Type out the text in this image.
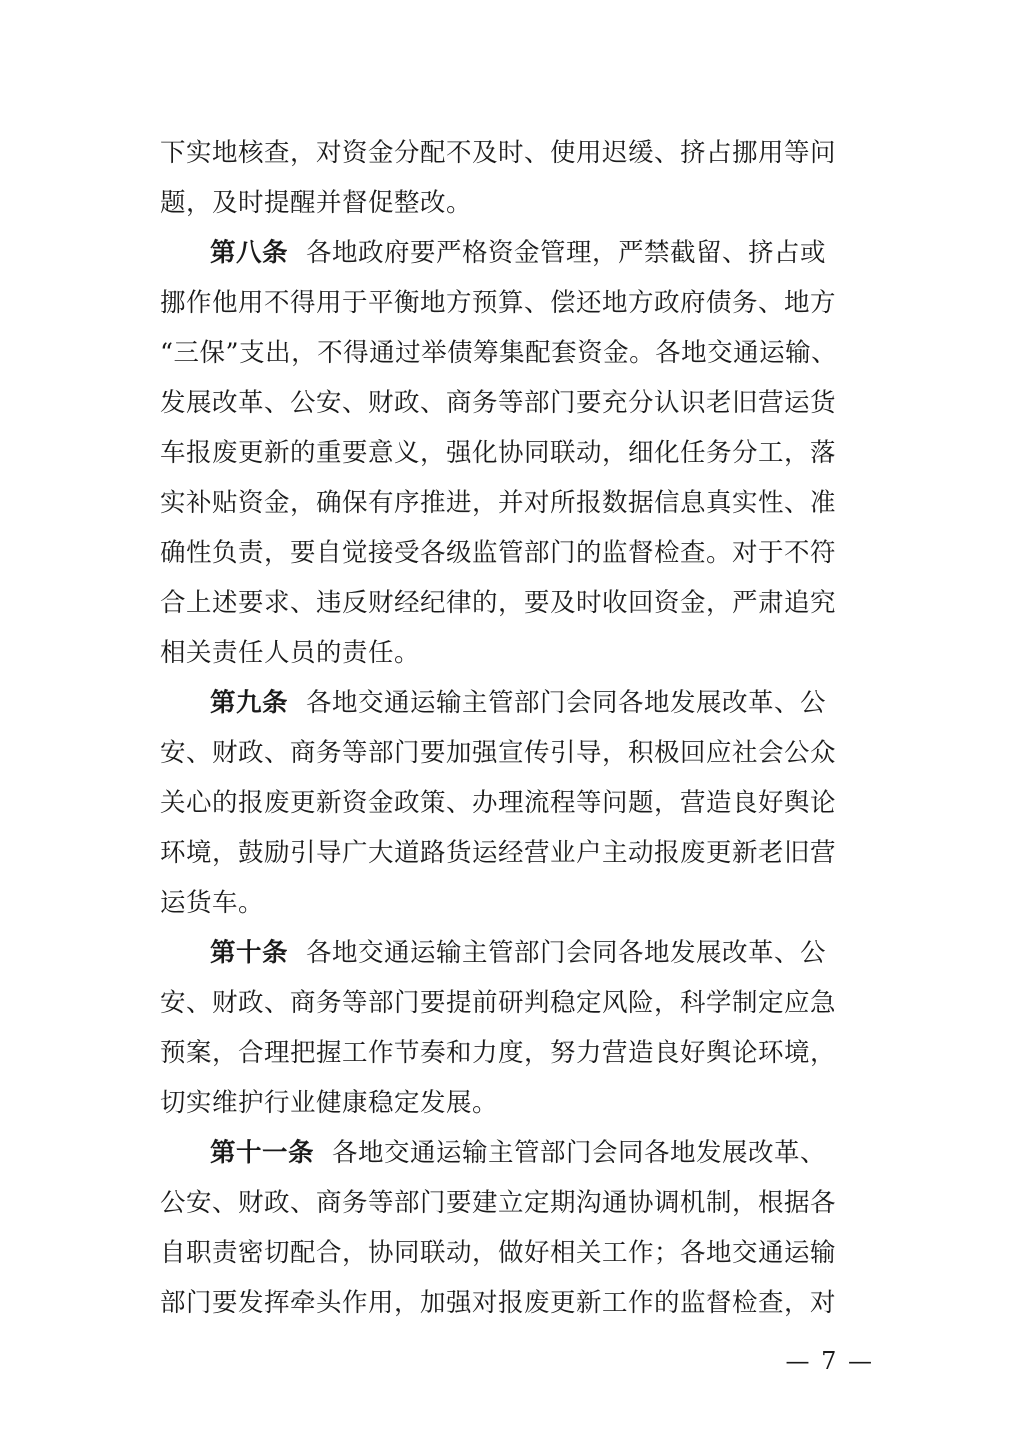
下实地核查，对资金分配不及时、使用迟缓、挤占挪用等问
题，及时提醒并督促整改。
第八条 各地政府要严格资金管理，严禁截留、挤占或
挪作他用不得用于平衡地方预算、偿还地方政府债务、地方
“三保”支出，不得通过举债筹集配套资金。各地交通运输、
发展改革、公安、财政、商务等部门要充分认识老旧营运货
车报废更新的重要意义，强化协同联动，细化任务分工，落
实补贴资金，确保有序推进，并对所报数据信息真实性、准
确性负责，要自觉接受各级监管部门的监督检查。对于不符
合上述要求、违反财经纪律的，要及时收回资金，严肃追究
相关责任人员的责任。
第九条 各地交通运输主管部门会同各地发展改革、公
安、财政、商务等部门要加强宣传引导，积极回应社会公众
关心的报废更新资金政策、办理流程等问题，营造良好舆论
环境，鼓励引导广大道路货运经营业户主动报废更新老旧营
运货车。
第十条 各地交通运输主管部门会同各地发展改革、公
安、财政、商务等部门要提前研判稳定风险，科学制定应急
预案，合理把握工作节奏和力度，努力营造良好舆论环境，
切实维护行业健康稳定发展。
第十一条 各地交通运输主管部门会同各地发展改革、
公安、财政、商务等部门要建立定期沟通协调机制，根据各
自职责密切配合，协同联动，做好相关工作；各地交通运输
部门要发挥牵头作用，加强对报废更新工作的监督检查，对
— 7 —
